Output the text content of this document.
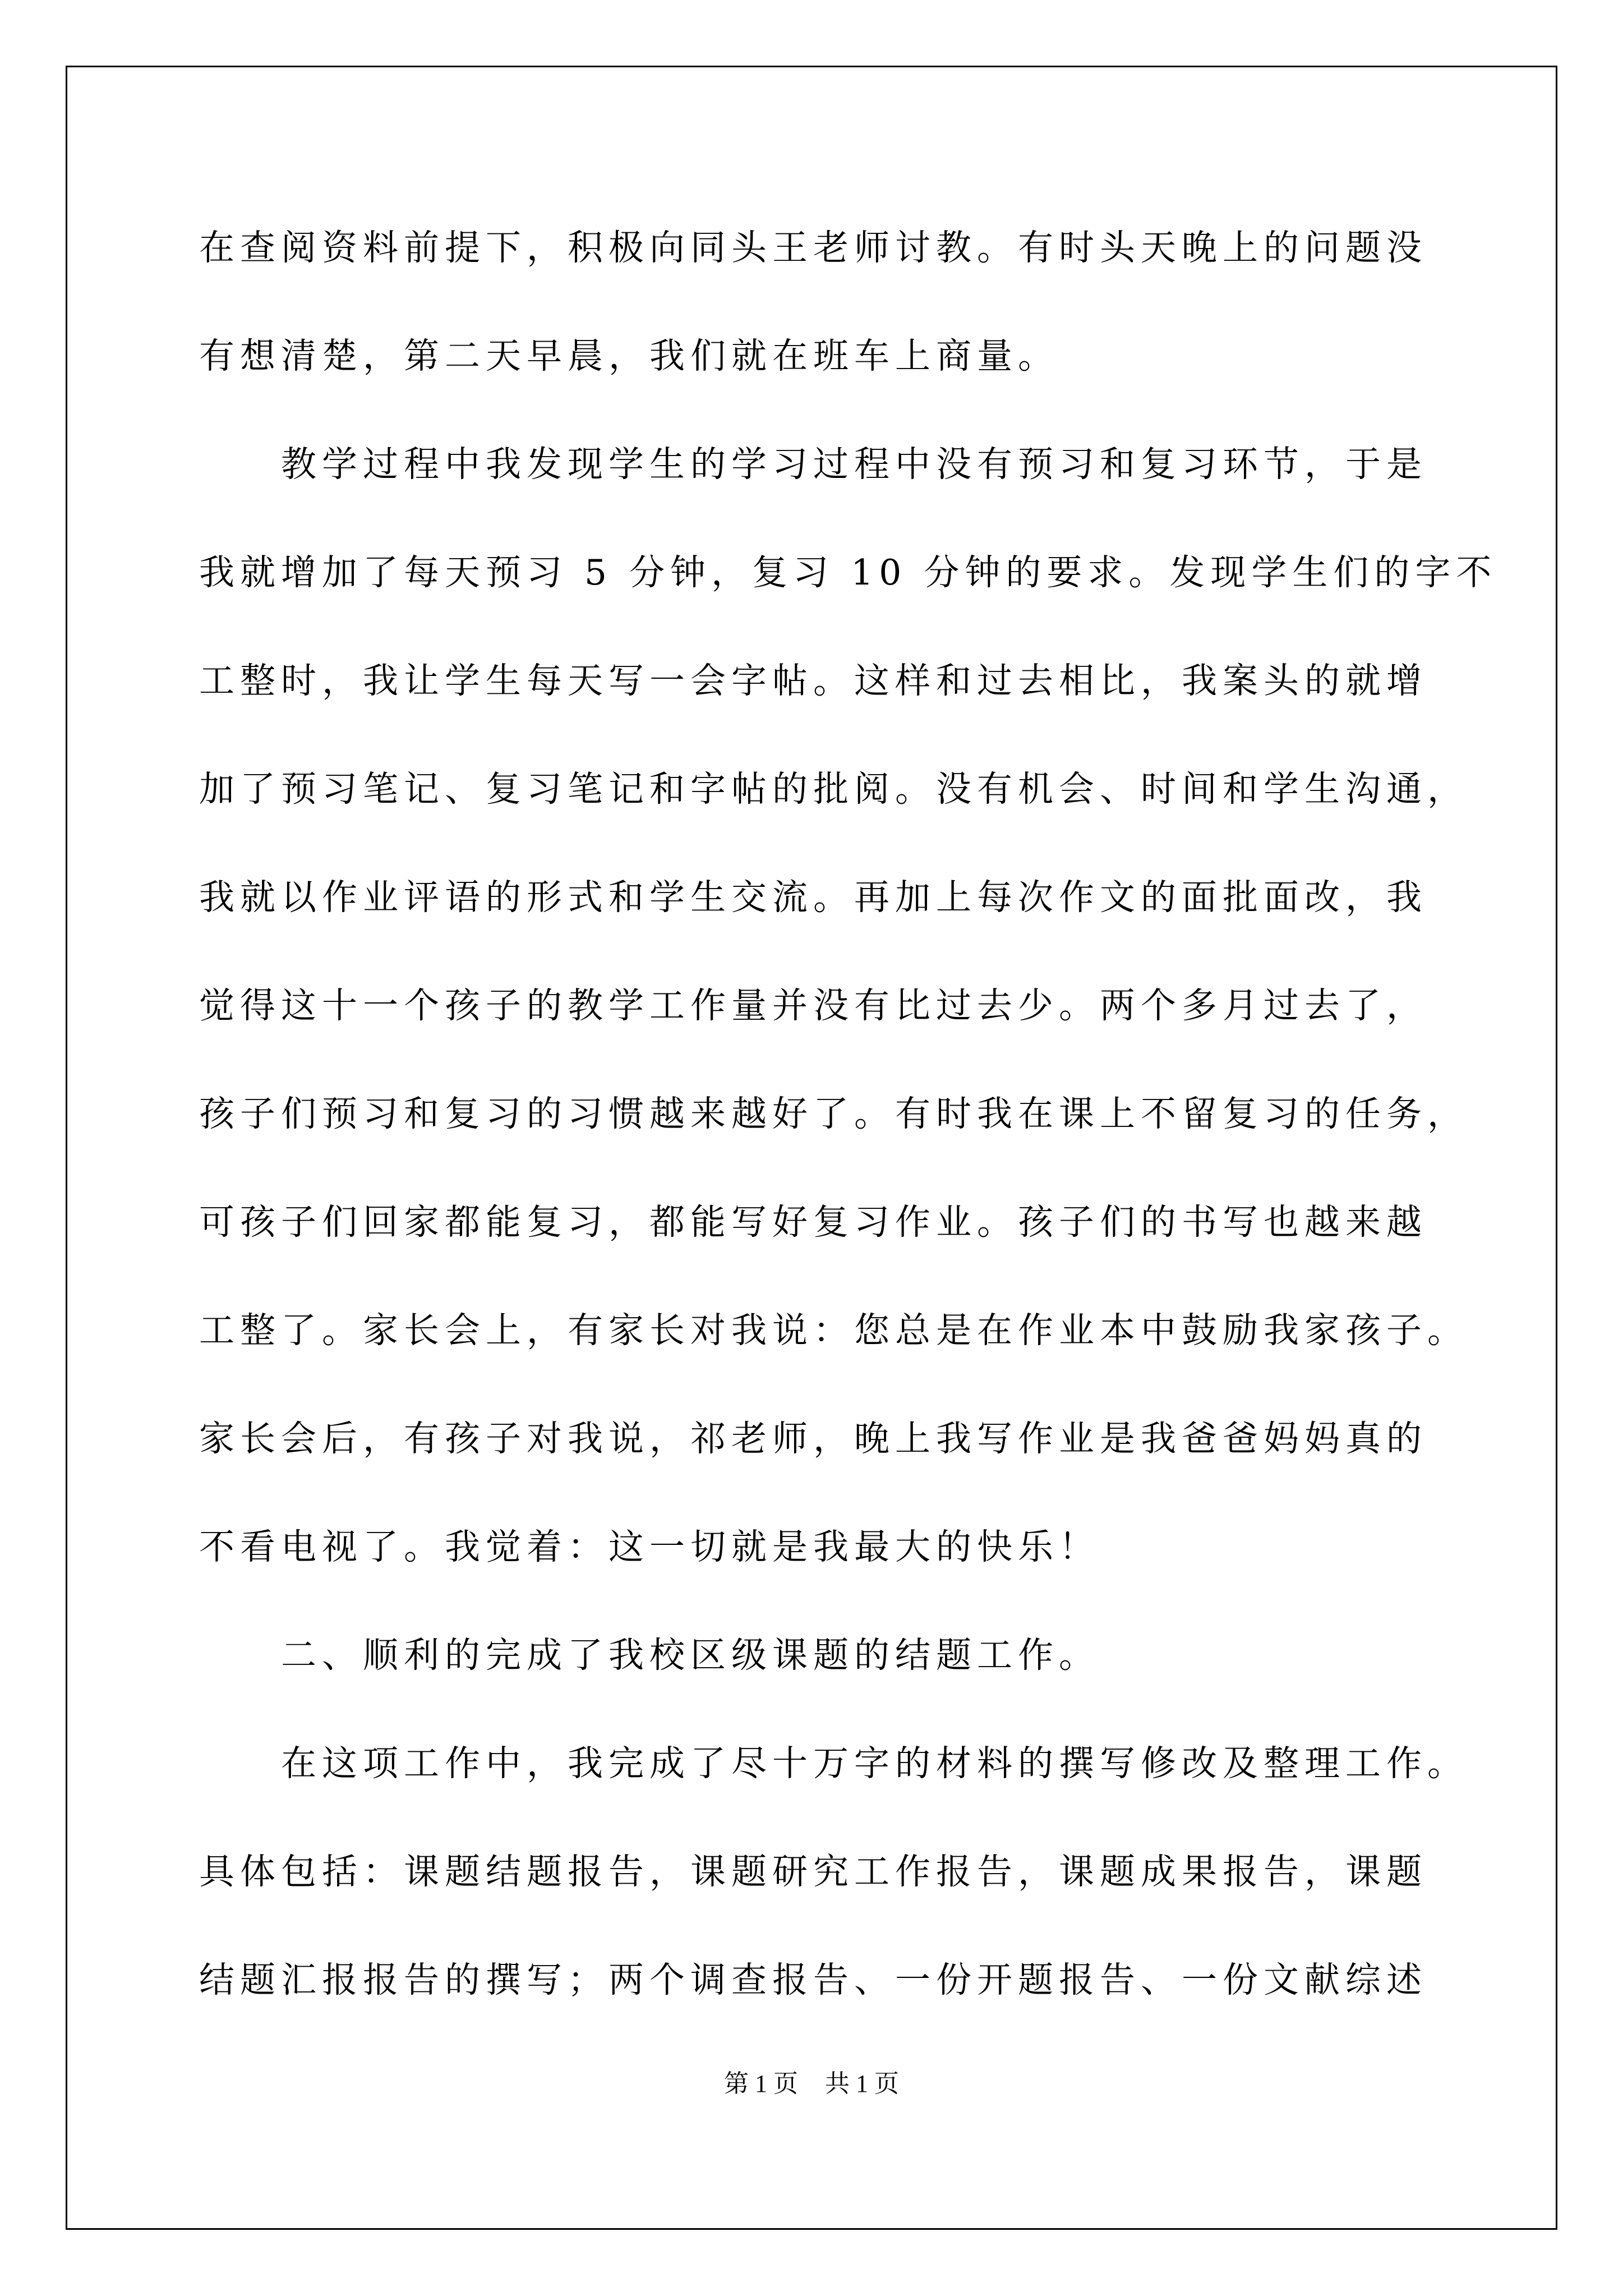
在查阅资料前提下，积极向同头王老师讨教。有时头天晚上的问题没
有想清楚，第二天早晨，我们就在班车上商量。
　　教学过程中我发现学生的学习过程中没有预习和复习环节，于是
我就增加了每天预习 5 分钟，复习 10 分钟的要求。发现学生们的字不
工整时，我让学生每天写一会字帖。这样和过去相比，我案头的就增
加了预习笔记、复习笔记和字帖的批阅。没有机会、时间和学生沟通，
我就以作业评语的形式和学生交流。再加上每次作文的面批面改，我
觉得这十一个孩子的教学工作量并没有比过去少。两个多月过去了，
孩子们预习和复习的习惯越来越好了。有时我在课上不留复习的任务，
可孩子们回家都能复习，都能写好复习作业。孩子们的书写也越来越
工整了。家长会上，有家长对我说：您总是在作业本中鼓励我家孩子。
家长会后，有孩子对我说，祁老师，晚上我写作业是我爸爸妈妈真的
不看电视了。我觉着：这一切就是我最大的快乐！
　　二、顺利的完成了我校区级课题的结题工作。
　　在这项工作中，我完成了尽十万字的材料的撰写修改及整理工作。
具体包括：课题结题报告，课题研究工作报告，课题成果报告，课题
结题汇报报告的撰写；两个调查报告、一份开题报告、一份文献综述
第 1 页 共 1 页
